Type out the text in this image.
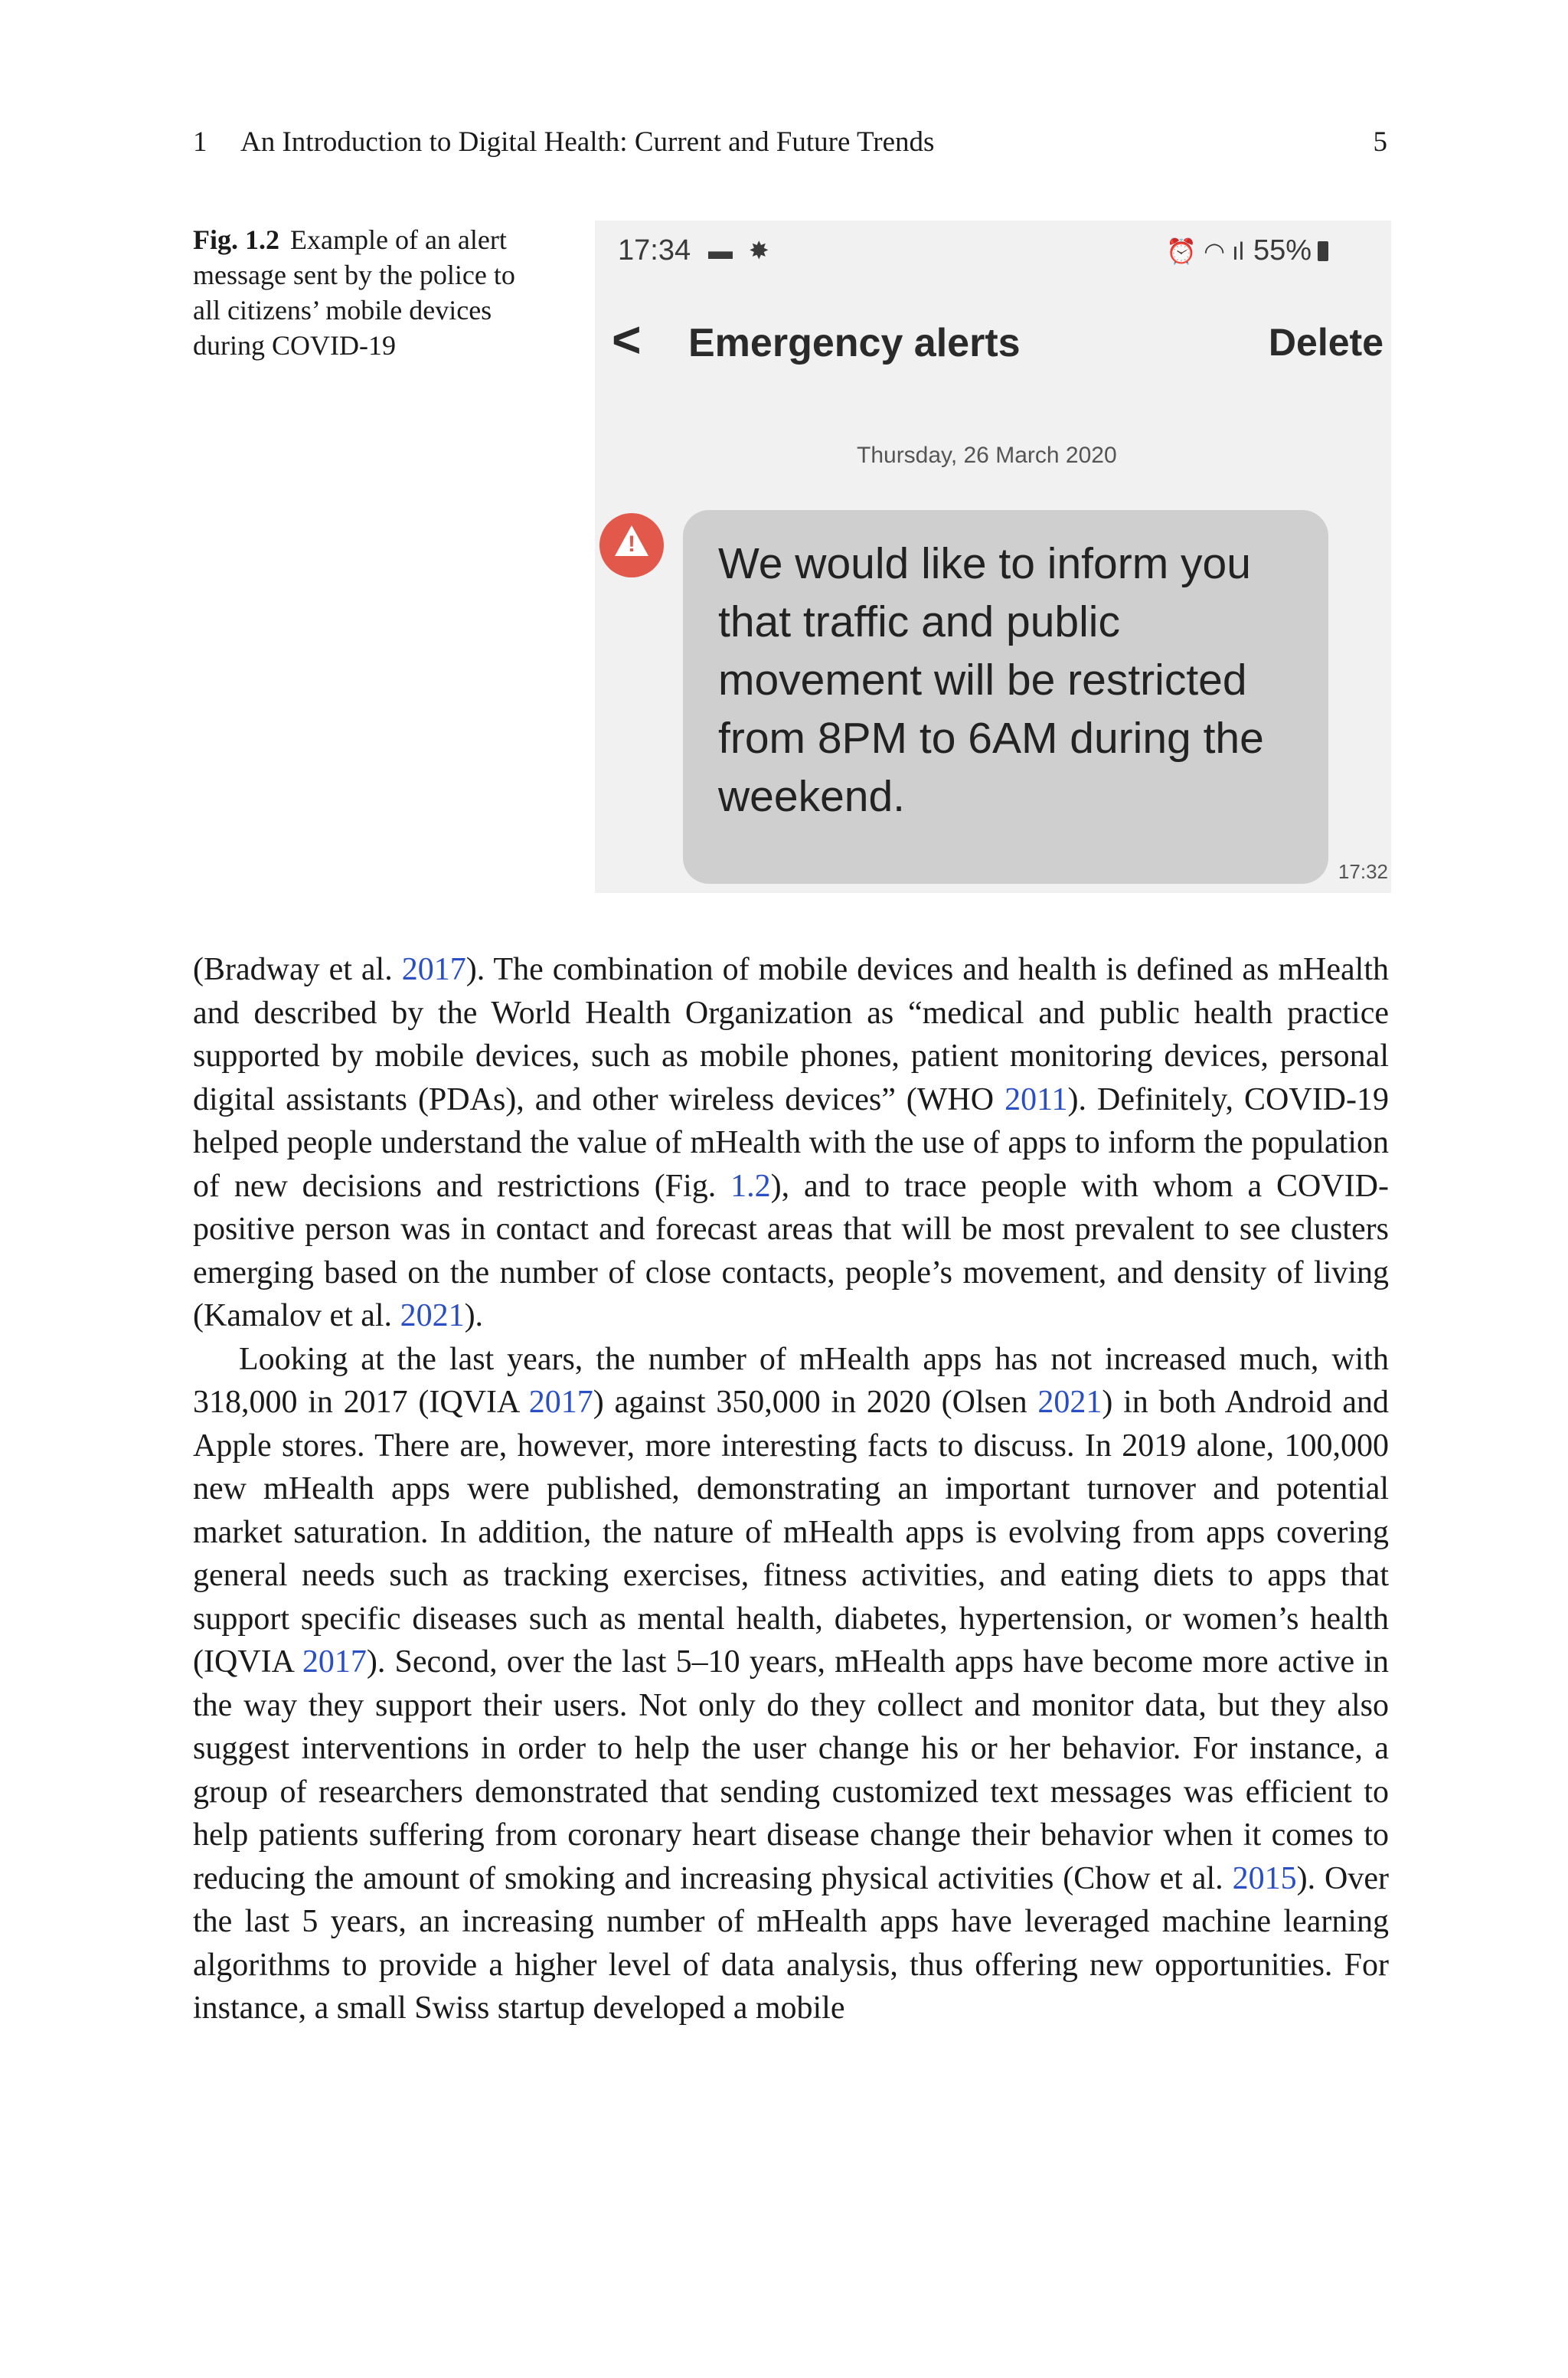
1 An Introduction to Digital Health: Current and Future Trends	5
Fig. 1.2 Example of an alert message sent by the police to all citizens’ mobile devices during COVID-19
17:34 ▬ ✸	⏰ ◠ ıl 55%
< Emergency alerts	Delete
Thursday, 26 March 2020
!	We would like to inform you that traffic and public movement will be restricted from 8PM to 6AM during the weekend.
17:32

(Bradway et al. 2017). The combination of mobile devices and health is defined as mHealth and described by the World Health Organization as “medical and public health practice supported by mobile devices, such as mobile phones, patient monitoring devices, personal digital assistants (PDAs), and other wireless devices” (WHO 2011). Definitely, COVID-19 helped people understand the value of mHealth with the use of apps to inform the population of new decisions and restrictions (Fig. 1.2), and to trace people with whom a COVID-positive person was in contact and forecast areas that will be most prevalent to see clusters emerging based on the number of close contacts, people’s movement, and density of living (Kamalov et al. 2021).

Looking at the last years, the number of mHealth apps has not increased much, with 318,000 in 2017 (IQVIA 2017) against 350,000 in 2020 (Olsen 2021) in both Android and Apple stores. There are, however, more interesting facts to discuss. In 2019 alone, 100,000 new mHealth apps were published, demonstrating an important turnover and potential market saturation. In addition, the nature of mHealth apps is evolving from apps covering general needs such as tracking exercises, fitness activities, and eating diets to apps that support specific diseases such as mental health, diabetes, hypertension, or women’s health (IQVIA 2017). Second, over the last 5–10 years, mHealth apps have become more active in the way they support their users. Not only do they collect and monitor data, but they also suggest interventions in order to help the user change his or her behavior. For instance, a group of researchers demonstrated that sending customized text messages was efficient to help patients suffering from coronary heart disease change their behavior when it comes to reducing the amount of smoking and increasing physical activities (Chow et al. 2015). Over the last 5 years, an increasing number of mHealth apps have leveraged machine learning algorithms to provide a higher level of data analysis, thus offering new opportunities. For instance, a small Swiss startup developed a mobile
